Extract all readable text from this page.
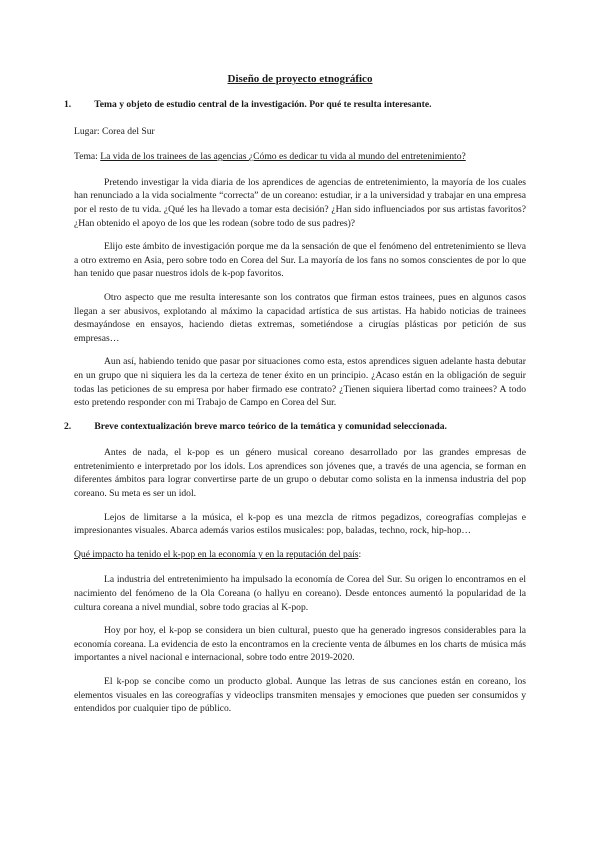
Diseño de proyecto etnográfico
1. Tema y objeto de estudio central de la investigación. Por qué te resulta interesante.

Lugar: Corea del Sur

Tema: La vida de los trainees de las agencias ¿Cómo es dedicar tu vida al mundo del entretenimiento?

Pretendo investigar la vida diaria de los aprendices de agencias de entretenimiento, la mayoría de los cuales han renunciado a la vida socialmente “correcta” de un coreano: estudiar, ir a la universidad y trabajar en una empresa por el resto de tu vida. ¿Qué les ha llevado a tomar esta decisión? ¿Han sido influenciados por sus artistas favoritos? ¿Han obtenido el apoyo de los que les rodean (sobre todo de sus padres)?

Elijo este ámbito de investigación porque me da la sensación de que el fenómeno del entretenimiento se lleva a otro extremo en Asia, pero sobre todo en Corea del Sur. La mayoría de los fans no somos conscientes de por lo que han tenido que pasar nuestros idols de k-pop favoritos.

Otro aspecto que me resulta interesante son los contratos que firman estos trainees, pues en algunos casos llegan a ser abusivos, explotando al máximo la capacidad artística de sus artistas. Ha habido noticias de trainees desmayándose en ensayos, haciendo dietas extremas, sometiéndose a cirugías plásticas por petición de sus empresas…

Aun así, habiendo tenido que pasar por situaciones como esta, estos aprendices siguen adelante hasta debutar en un grupo que ni siquiera les da la certeza de tener éxito en un principio. ¿Acaso están en la obligación de seguir todas las peticiones de su empresa por haber firmado ese contrato? ¿Tienen siquiera libertad como trainees? A todo esto pretendo responder con mi Trabajo de Campo en Corea del Sur.

2. Breve contextualización breve marco teórico de la temática y comunidad seleccionada.

Antes de nada, el k-pop es un género musical coreano desarrollado por las grandes empresas de entretenimiento e interpretado por los idols. Los aprendices son jóvenes que, a través de una agencia, se forman en diferentes ámbitos para lograr convertirse parte de un grupo o debutar como solista en la inmensa industria del pop coreano. Su meta es ser un idol.

Lejos de limitarse a la música, el k-pop es una mezcla de ritmos pegadizos, coreografías complejas e impresionantes visuales. Abarca además varios estilos musicales: pop, baladas, techno, rock, hip-hop…

Qué impacto ha tenido el k-pop en la economía y en la reputación del país:

La industria del entretenimiento ha impulsado la economía de Corea del Sur. Su origen lo encontramos en el nacimiento del fenómeno de la Ola Coreana (o hallyu en coreano). Desde entonces aumentó la popularidad de la cultura coreana a nivel mundial, sobre todo gracias al K-pop.

Hoy por hoy, el k-pop se considera un bien cultural, puesto que ha generado ingresos considerables para la economía coreana. La evidencia de esto la encontramos en la creciente venta de álbumes en los charts de música más importantes a nivel nacional e internacional, sobre todo entre 2019-2020.

El k-pop se concibe como un producto global. Aunque las letras de sus canciones están en coreano, los elementos visuales en las coreografías y videoclips transmiten mensajes y emociones que pueden ser consumidos y entendidos por cualquier tipo de público.
